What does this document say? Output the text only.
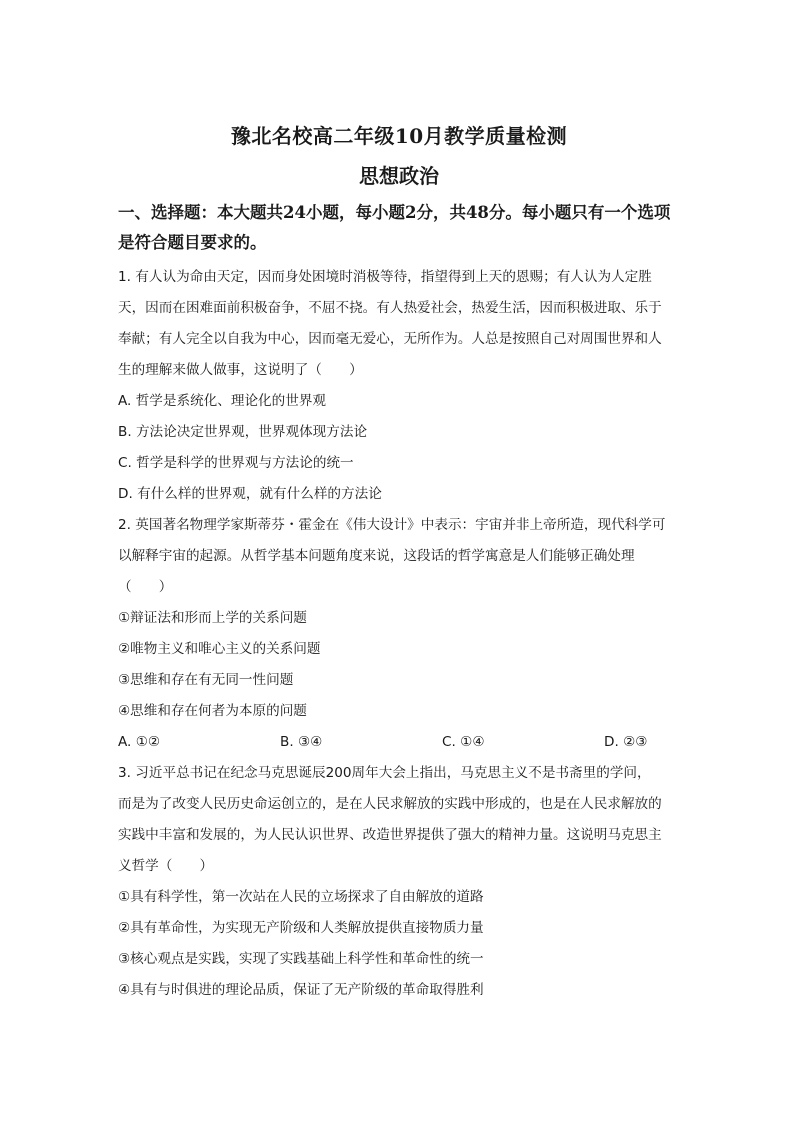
豫北名校高二年级10月教学质量检测
思想政治

一、选择题：本大题共24小题，每小题2分，共48分。每小题只有一个选项

是符合题目要求的。

1. 有人认为命由天定，因而身处困境时消极等待，指望得到上天的恩赐；有人认为人定胜

天，因而在困难面前积极奋争，不屈不挠。有人热爱社会，热爱生活，因而积极进取、乐于

奉献；有人完全以自我为中心，因而毫无爱心，无所作为。人总是按照自己对周围世界和人

生的理解来做人做事，这说明了（　　）

A. 哲学是系统化、理论化的世界观

B. 方法论决定世界观，世界观体现方法论

C. 哲学是科学的世界观与方法论的统一

D. 有什么样的世界观，就有什么样的方法论

2. 英国著名物理学家斯蒂芬・霍金在《伟大设计》中表示：宇宙并非上帝所造，现代科学可

以解释宇宙的起源。从哲学基本问题角度来说，这段话的哲学寓意是人们能够正确处理

（　　）

①辩证法和形而上学的关系问题

②唯物主义和唯心主义的关系问题

③思维和存在有无同一性问题

④思维和存在何者为本原的问题

A. ①②	B. ③④	C. ①④	D. ②③

3. 习近平总书记在纪念马克思诞辰200周年大会上指出，马克思主义不是书斋里的学问，

而是为了改变人民历史命运创立的，是在人民求解放的实践中形成的，也是在人民求解放的

实践中丰富和发展的，为人民认识世界、改造世界提供了强大的精神力量。这说明马克思主

义哲学（　　）

①具有科学性，第一次站在人民的立场探求了自由解放的道路

②具有革命性，为实现无产阶级和人类解放提供直接物质力量

③核心观点是实践，实现了实践基础上科学性和革命性的统一

④具有与时俱进的理论品质，保证了无产阶级的革命取得胜利
